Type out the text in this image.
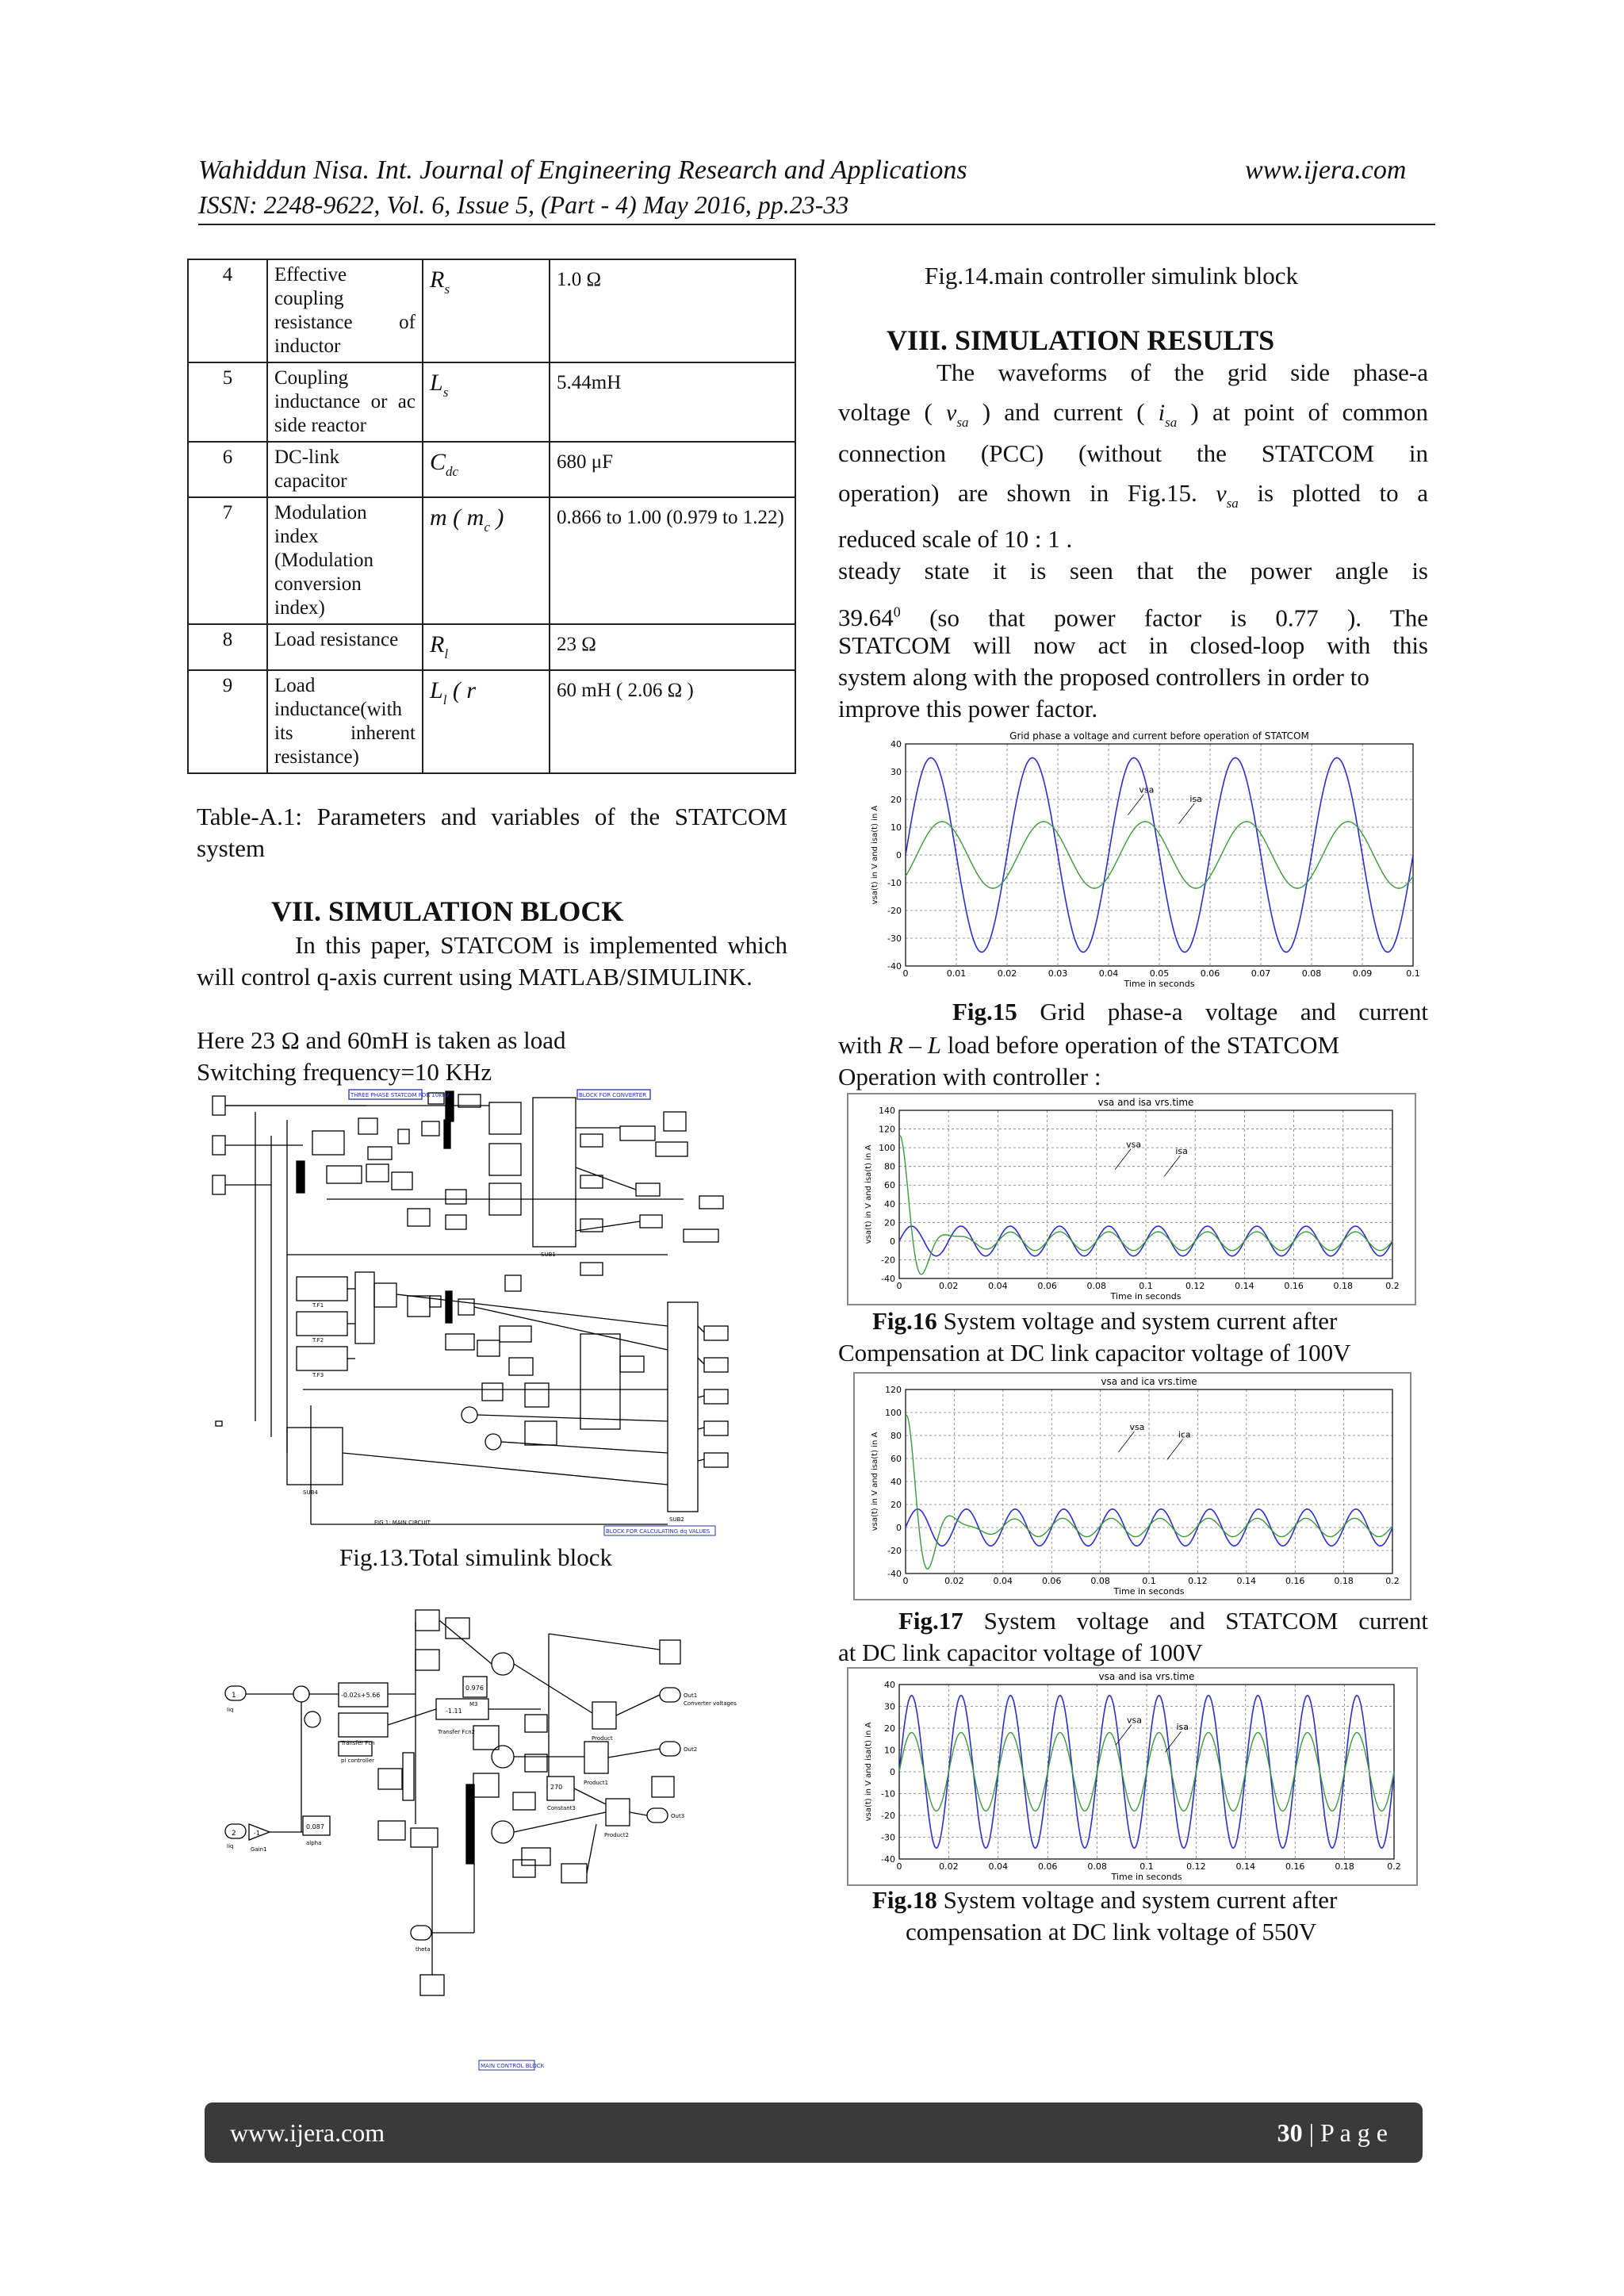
Wahiddun Nisa. Int. Journal of Engineering Research and Applications	www.ijera.com
ISSN: 2248-9622, Vol. 6, Issue 5, (Part - 4) May 2016, pp.23-33
4	Effective coupling resistance of inductor	$R_s$	1.0 Ω
5	Coupling inductance or ac side reactor	$L_s$	5.44mH
6	DC-link capacitor	$C_{dc}$	680 μF
7	Modulation index (Modulation conversion index)	m ( $m_c$ )	0.866 to 1.00 (0.979 to 1.22)
8	Load resistance	$R_l$	23 Ω
9	Load inductance(with its inherent resistance)	$L_l$ ( r	60 mH ( 2.06 Ω )
Table-A.1: Parameters and variables of the STATCOM system
VII. SIMULATION BLOCK
In this paper, STATCOM is implemented which will control q-axis current using MATLAB/SIMULINK.
Here 23 Ω and 60mH is taken as load
Switching frequency=10 KHz
THREE PHASE STATCOM FOR 10kHz	BLOCK FOR CONVERTER
SUB1
SUB4
SUB2
FIG 1: MAIN CIRCUIT
BLOCK FOR CALCULATING dq VALUES
T.F1
T.F2
T.F3
Fig.13.Total simulink block
1
Iiq
2
Iiq
-1
Gain1
0.087
alpha
-0.02s+5.66
Transfer Fcn
pi controller
0.976
M3
-1.11
Transfer Fcn2
Product
Product1
Product2
Out1
Converter voltages
Out2
Out3
theta
270
Constant3
MAIN CONTROL BLOCK
Fig.14.main controller simulink block
VIII. SIMULATION RESULTS
The waveforms of the grid side phase-a
voltage ( $v_{sa}$ ) and current ( $i_{sa}$ ) at point of common
connection (PCC) (without the STATCOM in
operation) are shown in Fig.15. $v_{sa}$ is plotted to a
reduced scale of 10 : 1 .
steady state it is seen that the power angle is
39.64$^0$ (so that power factor is 0.77 ). The
STATCOM will now act in closed-loop with this
system along with the proposed controllers in order to
improve this power factor.
Grid phase a voltage and current before operation of STATCOM
0	0.01	0.02	0.03	0.04	0.05	0.06	0.07	0.08	0.09	0.1
40
30
20
10
0
-10
-20
-30
-40
Time in seconds
vsa(t) in V and isa(t) in A
vsa
isa
Fig.15 Grid phase-a voltage and current
with R – L load before operation of the STATCOM
Operation with controller :
vsa and isa vrs.time
0	0.02	0.04	0.06	0.08	0.1	0.12	0.14	0.16	0.18	0.2
140
120
100
80
60
40
20
0
-20
-40
Time in seconds
vsa(t) in V and isa(t) in A
vsa
isa
Fig.16 System voltage and system current after
Compensation at DC link capacitor voltage of 100V
vsa and ica vrs.time
0	0.02	0.04	0.06	0.08	0.1	0.12	0.14	0.16	0.18	0.2
120
100
80
60
40
20
0
-20
-40
Time in seconds
vsa(t) in V and isa(t) in A
vsa
ica
Fig.17 System voltage and STATCOM current
at DC link capacitor voltage of 100V
vsa and isa vrs.time
0	0.02	0.04	0.06	0.08	0.1	0.12	0.14	0.16	0.18	0.2
40
30
20
10
0
-10
-20
-30
-40
Time in seconds
vsa(t) in V and isa(t) in A
vsa
isa
Fig.18 System voltage and system current after
compensation at DC link voltage of 550V
www.ijera.com	30 | P a g e
